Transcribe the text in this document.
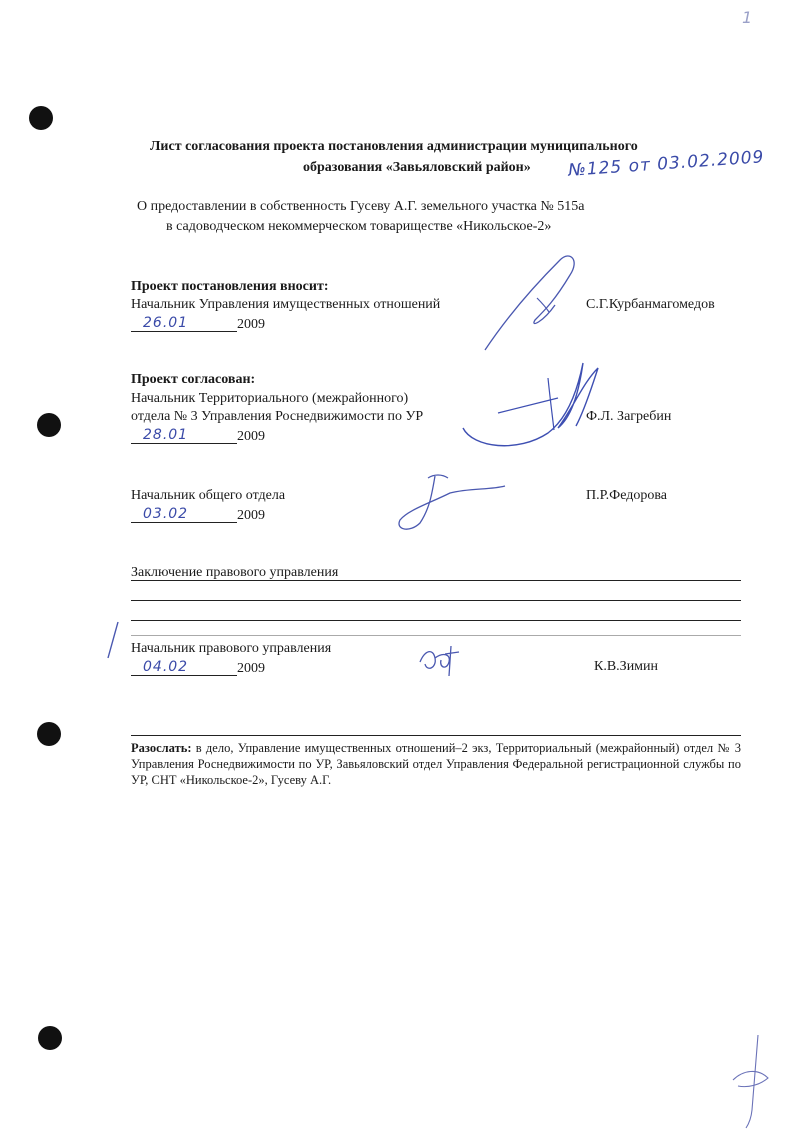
1
Лист согласования проекта постановления администрации муниципального
образования «Завьяловский район» №125 от 03.02.2009
О предоставлении в собственность Гусеву А.Г. земельного участка № 515а
в садоводческом некоммерческом товариществе «Никольское-2»
Проект постановления вносит:
Начальник Управления имущественных отношений	С.Г.Курбанмагомедов
26.01	2009
Проект согласован:
Начальник Территориального (межрайонного)
отдела № 3 Управления Роснедвижимости по УР	Ф.Л. Загребин
28.01	2009
Начальник общего отдела	П.Р.Федорова
03.02	2009
Заключение правового управления
Начальник правового управления
К.В.Зимин
04.02	2009
Разослать: в дело, Управление имущественных отношений–2 экз, Территориальный (межрайонный) отдел № 3 Управления Роснедвижимости по УР, Завьяловский отдел Управления Федеральной регистрационной службы по УР, СНТ «Никольское-2», Гусеву А.Г.
